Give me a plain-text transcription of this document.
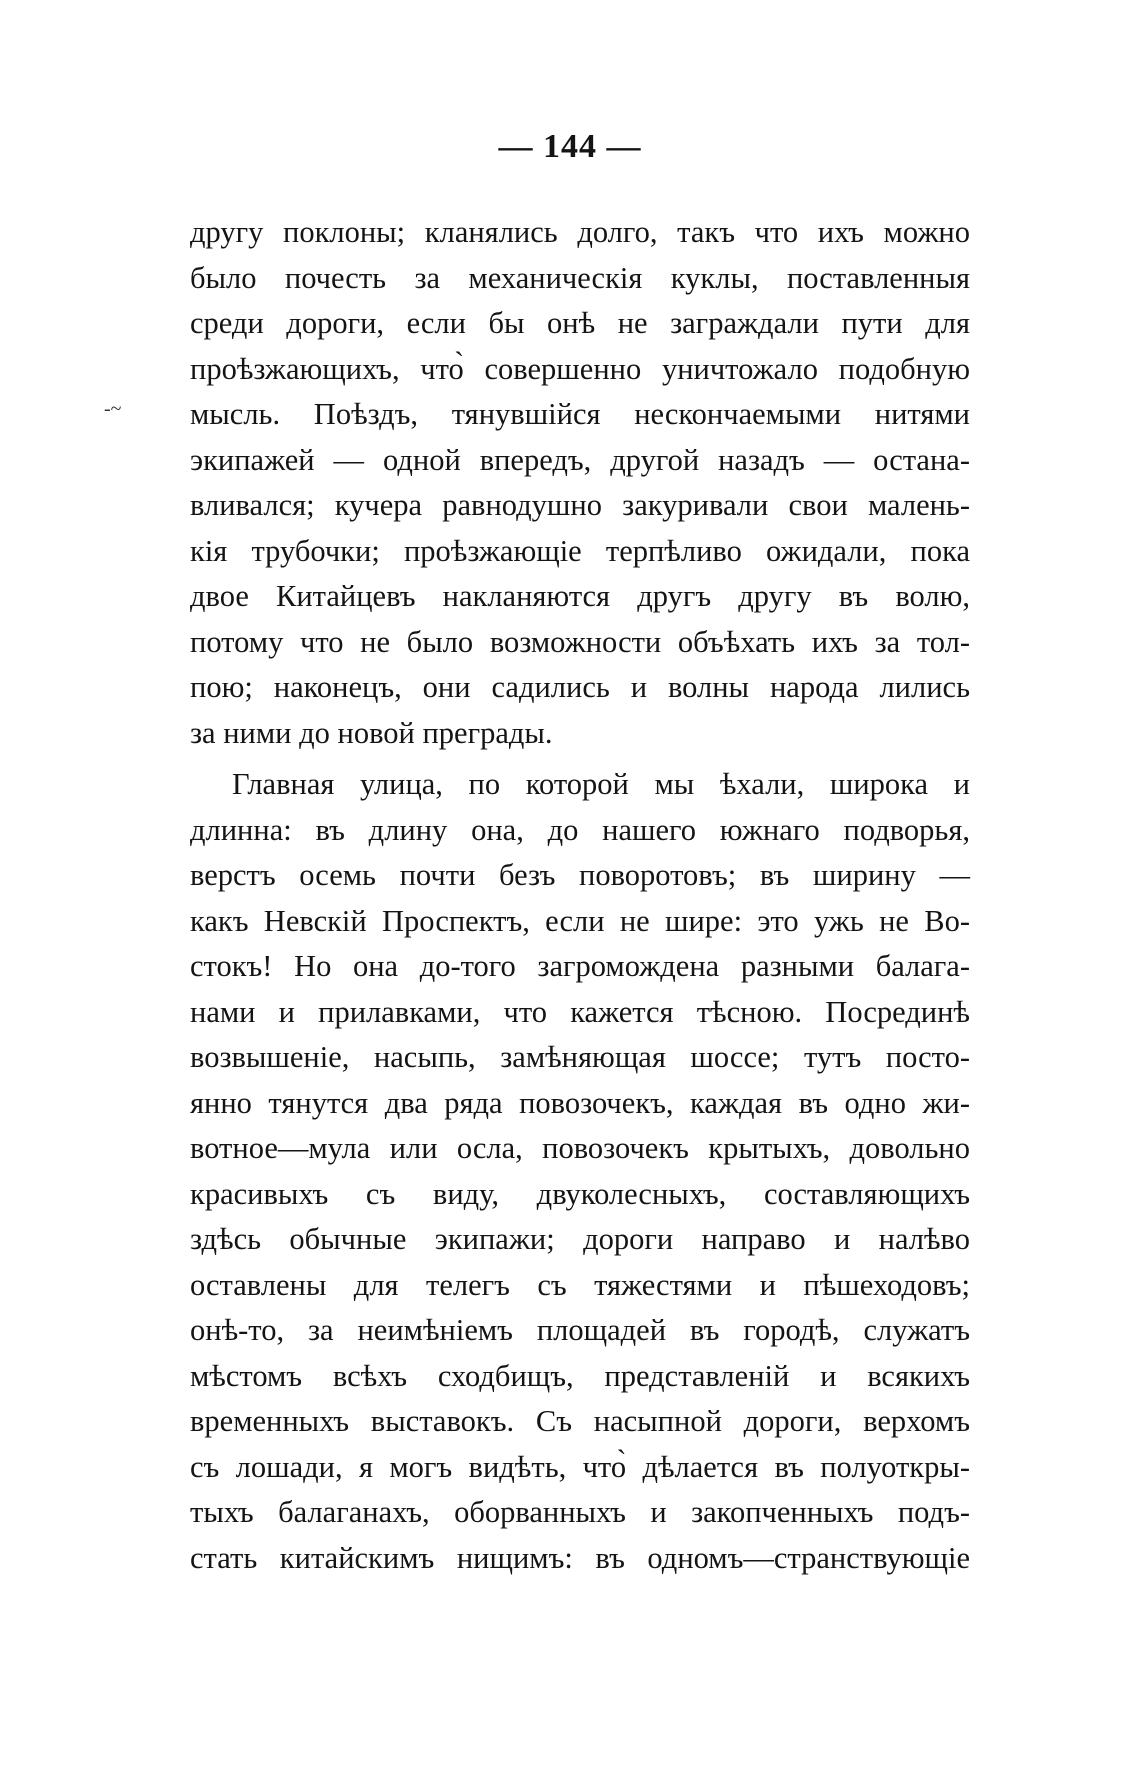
— 144 —
-~
другу поклоны; кланялись долго, такъ что ихъ можно
было почесть за механическія куклы, поставленныя
среди дороги, если бы онѣ не заграждали пути для
проѣзжающихъ, что̀ совершенно уничтожало подобную
мысль. Поѣздъ, тянувшійся нескончаемыми нитями
экипажей — одной впередъ, другой назадъ — остана-
вливался; кучера равнодушно закуривали свои малень-
кія трубочки; проѣзжающіе терпѣливо ожидали, пока
двое Китайцевъ накланяются другъ другу въ волю,
потому что не было возможности объѣхать ихъ за тол-
пою; наконецъ, они садились и волны народа лились
за ними до новой преграды.
Главная улица, по которой мы ѣхали, широка и
длинна: въ длину она, до нашего южнаго подворья,
верстъ осемь почти безъ поворотовъ; въ ширину —
какъ Невскій Проспектъ, если не шире: это ужь не Во-
стокъ! Но она до-того загромождена разными балага-
нами и прилавками, что кажется тѣсною. Посрединѣ
возвышеніе, насыпь, замѣняющая шоссе; тутъ посто-
янно тянутся два ряда повозочекъ, каждая въ одно жи-
вотное—мула или осла, повозочекъ крытыхъ, довольно
красивыхъ съ виду, двуколесныхъ, составляющихъ
здѣсь обычные экипажи; дороги направо и налѣво
оставлены для телегъ съ тяжестями и пѣшеходовъ;
онѣ-то, за неимѣніемъ площадей въ городѣ, служатъ
мѣстомъ всѣхъ сходбищъ, представленій и всякихъ
временныхъ выставокъ. Съ насыпной дороги, верхомъ
съ лошади, я могъ видѣть, что̀ дѣлается въ полуоткры-
тыхъ балаганахъ, оборванныхъ и закопченныхъ подъ-
стать китайскимъ нищимъ: въ одномъ—странствующіе
